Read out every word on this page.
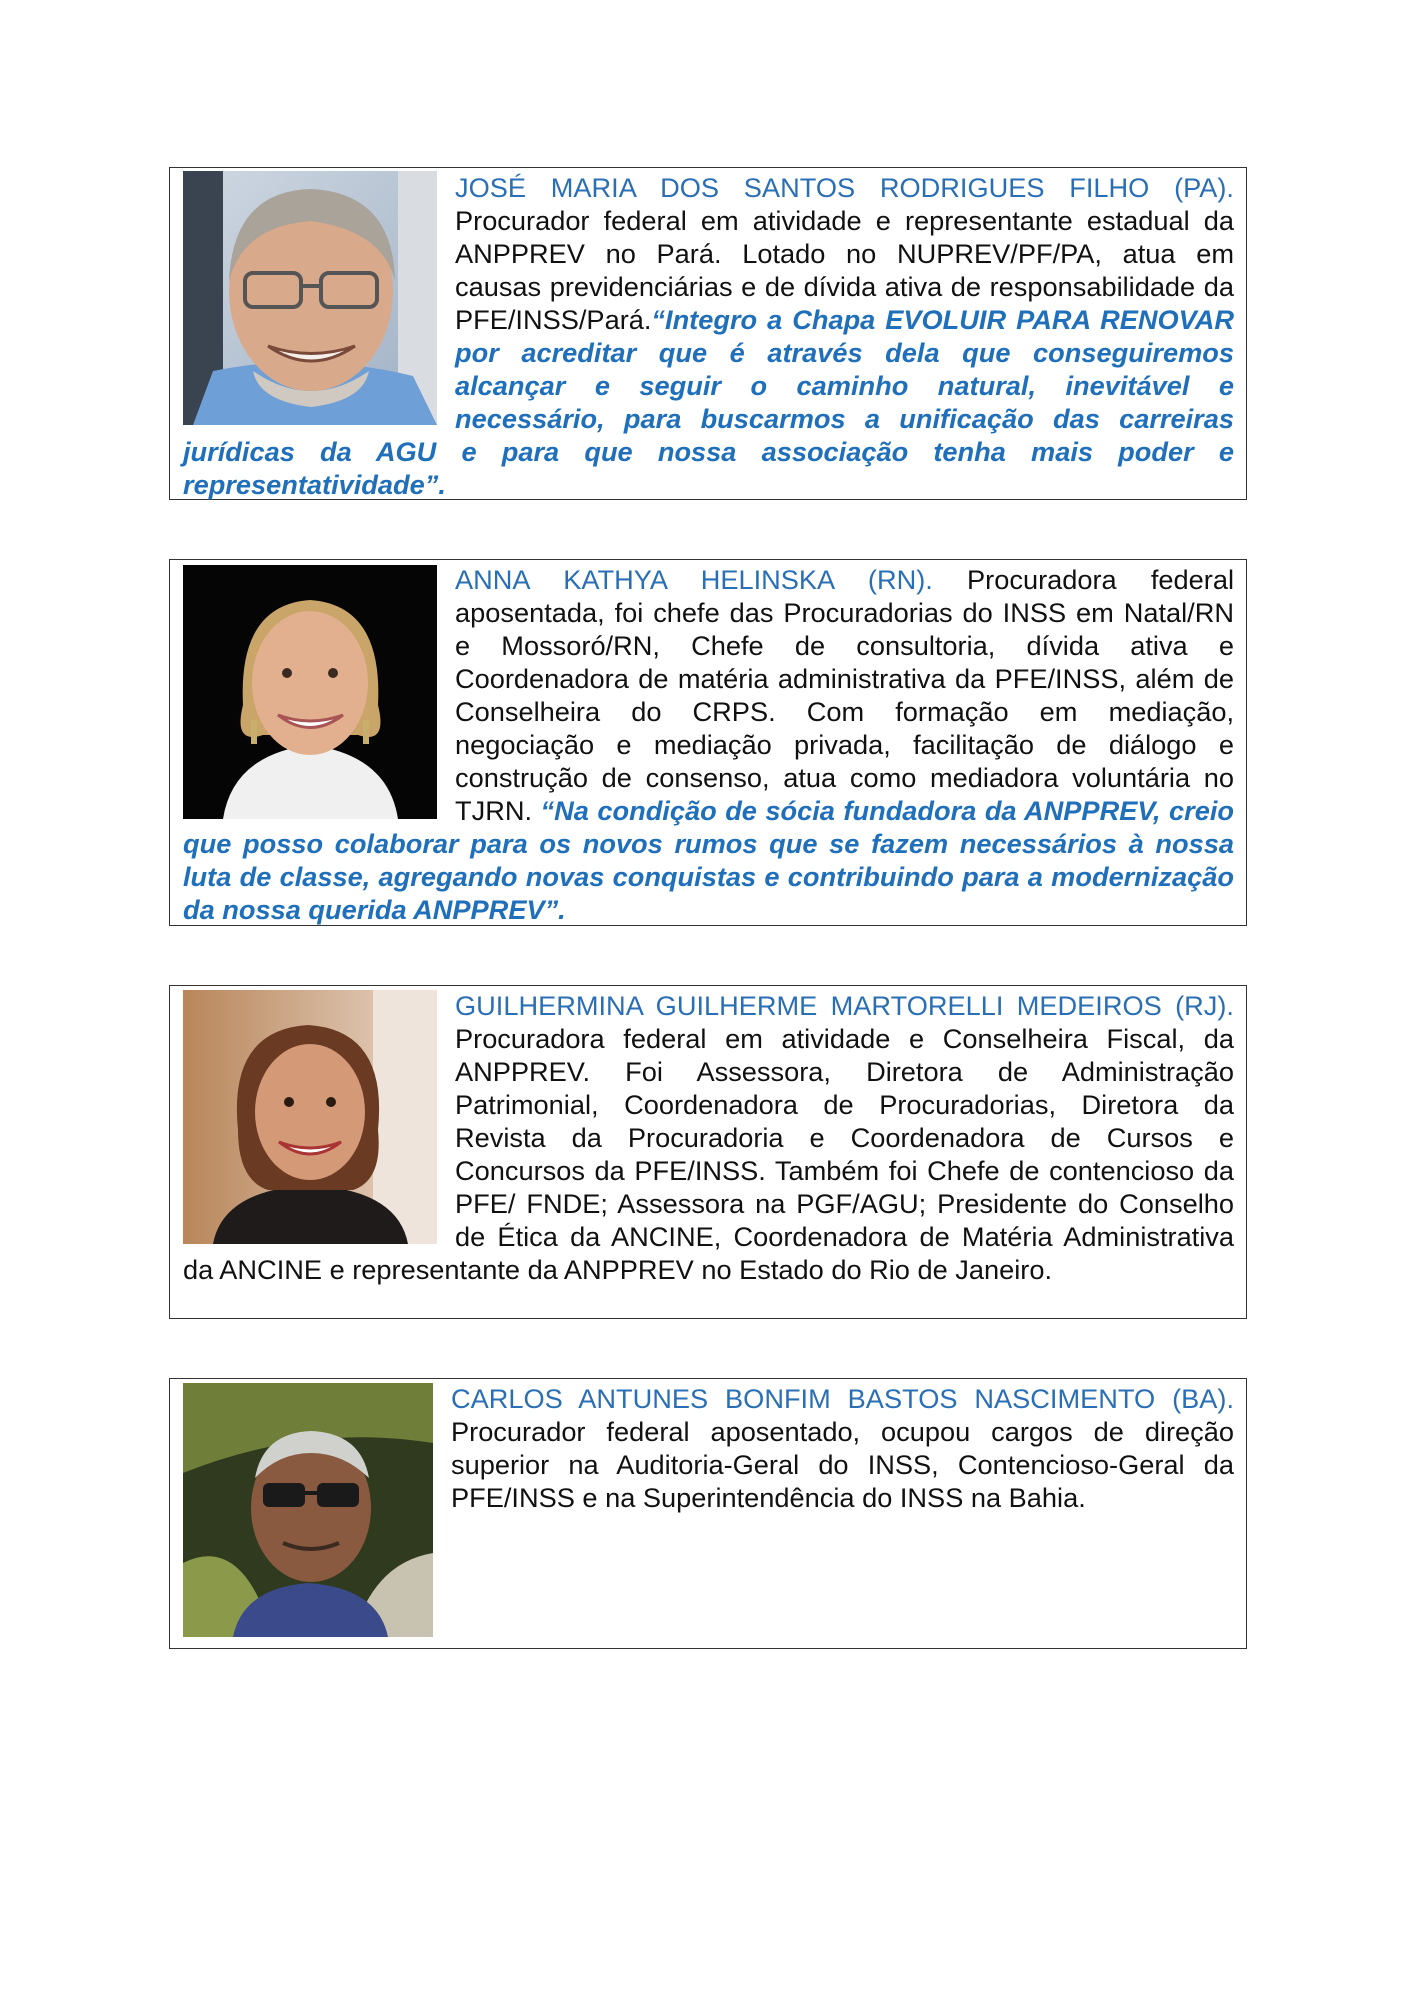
JOSÉ MARIA DOS SANTOS RODRIGUES FILHO (PA). Procurador federal em atividade e representante estadual da ANPPREV no Pará. Lotado no NUPREV/PF/PA, atua em causas previdenciárias e de dívida ativa de responsabilidade da PFE/INSS/Pará.“Integro a Chapa EVOLUIR PARA RENOVAR por acreditar que é através dela que conseguiremos alcançar e seguir o caminho natural, inevitável e necessário, para buscarmos a unificação das carreiras jurídicas da AGU e para que nossa associação tenha mais poder e representatividade”.

ANNA KATHYA HELINSKA (RN). Procuradora federal aposentada, foi chefe das Procuradorias do INSS em Natal/RN e Mossoró/RN, Chefe de consultoria, dívida ativa e Coordenadora de matéria administrativa da PFE/INSS, além de Conselheira do CRPS. Com formação em mediação, negociação e mediação privada, facilitação de diálogo e construção de consenso, atua como mediadora voluntária no TJRN. “Na condição de sócia fundadora da ANPPREV, creio que posso colaborar para os novos rumos que se fazem necessários à nossa luta de classe, agregando novas conquistas e contribuindo para a modernização da nossa querida ANPPREV”.

GUILHERMINA GUILHERME MARTORELLI MEDEIROS (RJ). Procuradora federal em atividade e Conselheira Fiscal, da ANPPREV. Foi Assessora, Diretora de Administração Patrimonial, Coordenadora de Procuradorias, Diretora da Revista da Procuradoria e Coordenadora de Cursos e Concursos da PFE/INSS. Também foi Chefe de contencioso da PFE/ FNDE; Assessora na PGF/AGU; Presidente do Conselho de Ética da ANCINE, Coordenadora de Matéria Administrativa da ANCINE e representante da ANPPREV no Estado do Rio de Janeiro.

CARLOS ANTUNES BONFIM BASTOS NASCIMENTO (BA). Procurador federal aposentado, ocupou cargos de direção superior na Auditoria-Geral do INSS, Contencioso-Geral da PFE/INSS e na Superintendência do INSS na Bahia.
